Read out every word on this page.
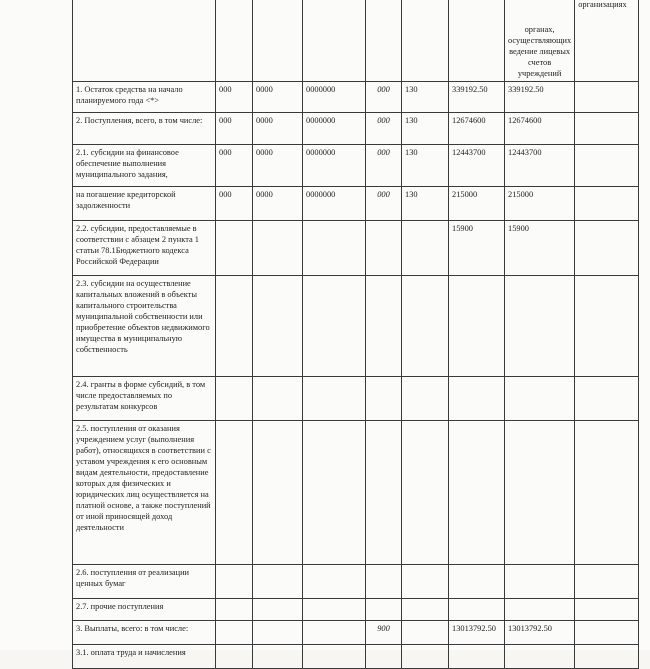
							органах, осуществляющих ведение лицевых счетов учреждений	организациях
1. Остаток средства на начало планируемого года <*>	000	0000	0000000	000	130	339192.50	339192.50	
2. Поступления, всего, в том числе:	000	0000	0000000	000	130	12674600	12674600	
2.1. субсидии на финансовое обеспечение выполнения муниципального задания,	000	0000	0000000	000	130	12443700	12443700	
на погашение кредиторской задолженности	000	0000	0000000	000	130	215000	215000	
2.2. субсидии, предоставляемые в соответствии с абзацем 2 пункта 1 статьи 78.1Бюджетного кодекса Российской Федерации						15900	15900	
2.3. субсидии на осуществление капитальных вложений в объекты капитального строительства муниципальной собственности или приобретение объектов недвижимого имущества в муниципальную собственность								
2.4. гранты в форме субсидий, в том числе предоставляемых по результатам конкурсов								
2.5. поступления от оказания учреждением услуг (выполнения работ), относящихся в соответствии с уставом учреждения к его основным видам деятельности, предоставление которых для физических и юридических лиц осуществляется на платной основе, а также поступлений от иной приносящей доход деятельности								
2.6. поступления от реализации ценных бумаг								
2.7. прочие поступления								
3. Выплаты, всего: в том числе:				900		13013792.50	13013792.50	
3.1. оплата труда и начисления								
